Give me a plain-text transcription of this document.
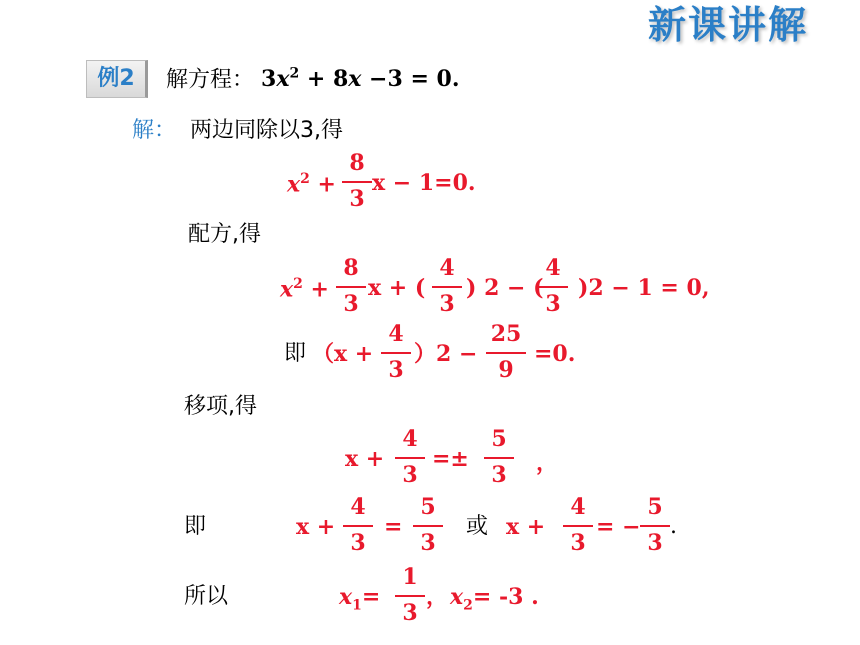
新课讲解
例2	解方程： $3x^2 + 8x -3 = 0$.
解： 两边同除以3,得
$x^2$ +
8
3
x − 1=0.
配方,得
$x^2$ +
8
3
x + (
4
3
) 2 − (
4
3
)2 − 1 = 0,
即 （x +
4
3
）2 −
25
9
=0.
移项,得
x +
4
3
=±
5
3	，
即	x +
4
3
=
5
3
或 x +
4
3
= −
5
3
.
所以	$x_1=$
1
3
， $x_2= -3$ .
